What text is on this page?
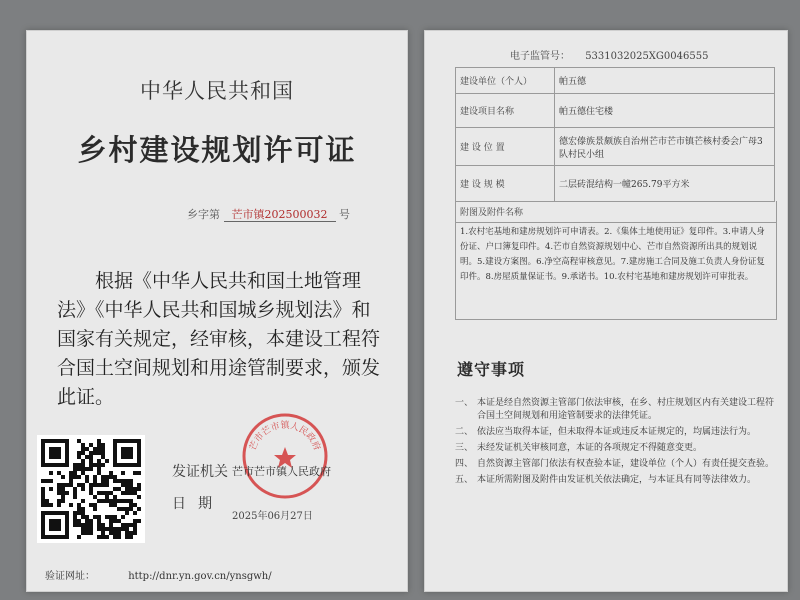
中华人民共和国
乡村建设规划许可证
乡字第 芒市镇202500032 号
根据《中华人民共和国土地管理法》《中华人民共和国城乡规划法》和国家有关规定，经审核，本建设工程符合国土空间规划和用途管制要求，颁发此证。
芒市芒市镇人民政府
发证机关 芒市芒市镇人民政府
日期
2025年06月27日
验证网址：	http://dnr.yn.gov.cn/ynsgwh/
电子监管号： 5331032025XG0046555
建设单位（个人）	帕五德
建设项目名称	帕五德住宅楼
建 设 位 置	德宏傣族景颇族自治州芒市芒市镇芒核村委会广母3队村民小组
建 设 规 模	二层砖混结构一幢265.79平方米
附图及附件名称
1.农村宅基地和建房规划许可申请表。2.《集体土地使用证》复印件。3.申请人身份证、户口簿复印件。4.芒市自然资源规划中心、芒市自然资源所出具的规划说明。5.建设方案图。6.净空高程审核意见。7.建房施工合同及施工负责人身份证复印件。8.房屋质量保证书。9.承诺书。10.农村宅基地和建房规划许可审批表。
遵守事项
一、 本证是经自然资源主管部门依法审核，在乡、村庄规划区内有关建设工程符合国土空间规划和用途管制要求的法律凭证。
二、 依法应当取得本证，但未取得本证或违反本证规定的，均属违法行为。
三、 未经发证机关审核同意，本证的各项规定不得随意变更。
四、 自然资源主管部门依法有权查验本证，建设单位（个人）有责任提交查验。
五、 本证所需附图及附件由发证机关依法确定，与本证具有同等法律效力。
